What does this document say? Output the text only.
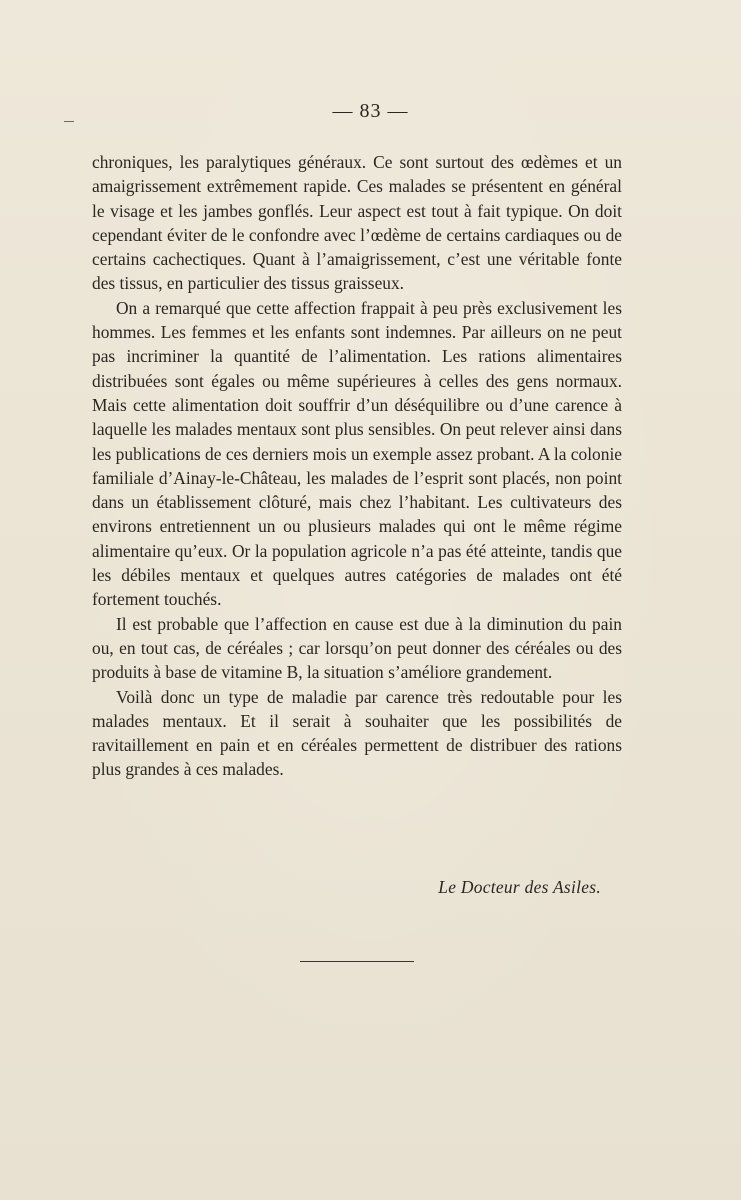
— 83 —

chroniques, les paralytiques généraux. Ce sont surtout des œdèmes et un amaigrissement extrêmement rapide. Ces malades se présentent en général le visage et les jambes gonflés. Leur aspect est tout à fait typique. On doit cependant éviter de le confondre avec l’œdème de certains cardiaques ou de certains cachectiques. Quant à l’amaigrissement, c’est une véritable fonte des tissus, en particulier des tissus graisseux.

On a remarqué que cette affection frappait à peu près exclusivement les hommes. Les femmes et les enfants sont indemnes. Par ailleurs on ne peut pas incriminer la quantité de l’alimentation. Les rations alimentaires distribuées sont égales ou même supérieures à celles des gens normaux. Mais cette alimentation doit souffrir d’un déséquilibre ou d’une carence à laquelle les malades mentaux sont plus sensibles. On peut relever ainsi dans les publications de ces derniers mois un exemple assez probant. A la colonie familiale d’Ainay-le-Château, les malades de l’esprit sont placés, non point dans un établissement clôturé, mais chez l’habitant. Les cultivateurs des environs entretiennent un ou plusieurs malades qui ont le même régime alimentaire qu’eux. Or la population agricole n’a pas été atteinte, tandis que les débiles mentaux et quelques autres catégories de malades ont été fortement touchés.

Il est probable que l’affection en cause est due à la diminution du pain ou, en tout cas, de céréales ; car lorsqu’on peut donner des céréales ou des produits à base de vitamine B, la situation s’améliore grandement.

Voilà donc un type de maladie par carence très redoutable pour les malades mentaux. Et il serait à souhaiter que les possibilités de ravitaillement en pain et en céréales permettent de distribuer des rations plus grandes à ces malades.

Le Docteur des Asiles.
